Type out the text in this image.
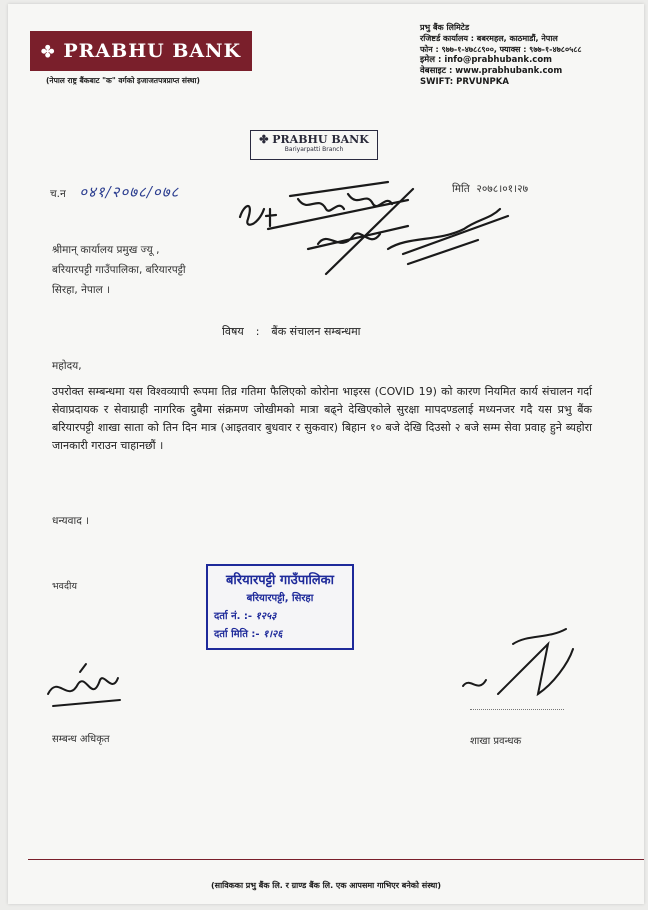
✤ PRABHU BANK
(नेपाल राष्ट्र बैंकबाट "क" वर्गको इजाजतपत्रप्राप्त संस्था)
प्रभु बैंक लिमिटेड
रजिष्टर्ड कार्यालय : बबरमहल, काठमाडौं, नेपाल
फोन : ९७७-१-४७८८९००, फ्याक्स : ९७७-१-४७८०५८८
इमेल : info@prabhubank.com
वेबसाइट : www.prabhubank.com
SWIFT: PRVUNPKA
✤ PRABHU BANK
Bariyarpatti Branch
च.न ०४१/२०७८/०७८	मिति २०७८।०१।२७
श्रीमान् कार्यालय प्रमुख ज्यू ,
बरियारपट्टी गाउँपालिका, बरियारपट्टी
सिरहा, नेपाल ।
विषय : बैंक संचालन सम्बन्धमा
महोदय,
उपरोक्त सम्बन्धमा यस विश्वव्यापी रूपमा तिव्र गतिमा फैलिएको कोरोना भाइरस (COVID 19) को कारण नियमित कार्य संचालन गर्दा सेवाप्रदायक र सेवाग्राही नागरिक दुबैमा संक्रमण जोखीमको मात्रा बढ्ने देखिएकोले सुरक्षा मापदण्डलाई मध्यनजर गदै यस प्रभु बैंक बरियारपट्टी शाखा साता को तिन दिन मात्र (आइतवार बुधवार र सुकवार) बिहान १० बजे देखि दिउसो २ बजे सम्म सेवा प्रवाह हुने ब्यहोरा जानकारी गराउन चाहानछौं ।
धन्यवाद ।
भवदीय	बरियारपट्टी गाउँपालिका
बरियारपट्टी, सिरहा
दर्ता नं. :- १२५३
दर्ता मिति :- १।२६
सम्बन्ध अधिकृत	शाखा प्रवन्धक
(साविकका प्रभु बैंक लि. र ग्राण्ड बैंक लि. एक आपसमा गाभिएर बनेको संस्था)
